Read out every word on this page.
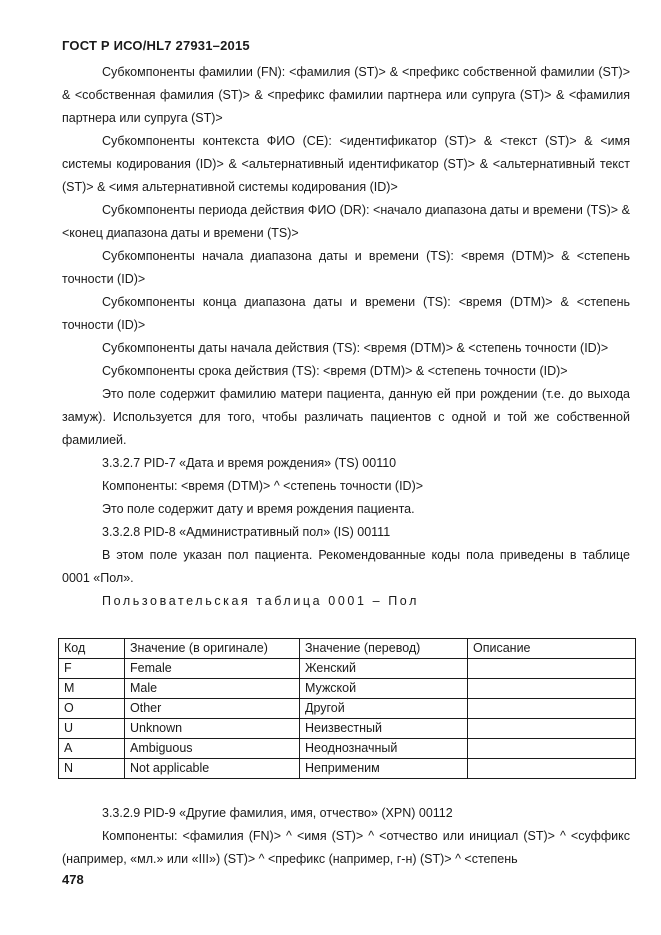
ГОСТ Р ИСО/HL7 27931–2015

Субкомпоненты фамилии (FN): <фамилия (ST)> & <префикс собственной фамилии (ST)> & <собственная фамилия (ST)> & <префикс фамилии партнера или супруга (ST)> & <фамилия партнера или супруга (ST)>

Субкомпоненты контекста ФИО (CE): <идентификатор (ST)> & <текст (ST)> & <имя системы кодирования (ID)> & <альтернативный идентификатор (ST)> & <альтернативный текст (ST)> & <имя альтернативной системы кодирования (ID)>

Субкомпоненты периода действия ФИО (DR): <начало диапазона даты и времени (TS)> & <конец диапазона даты и времени (TS)>

Субкомпоненты начала диапазона даты и времени (TS): <время (DTM)> & <степень точности (ID)>

Субкомпоненты конца диапазона даты и времени (TS): <время (DTM)> & <степень точности (ID)>

Субкомпоненты даты начала действия (TS): <время (DTM)> & <степень точности (ID)>

Субкомпоненты срока действия (TS): <время (DTM)> & <степень точности (ID)>

Это поле содержит фамилию матери пациента, данную ей при рождении (т.е. до выхода замуж). Используется для того, чтобы различать пациентов с одной и той же собственной фамилией.

3.3.2.7 PID-7 «Дата и время рождения» (TS) 00110

Компоненты: <время (DTM)> ^ <степень точности (ID)>

Это поле содержит дату и время рождения пациента.

3.3.2.8 PID-8 «Административный пол» (IS) 00111

В этом поле указан пол пациента. Рекомендованные коды пола приведены в таблице 0001 «Пол».

Пользовательская таблица 0001 – Пол

Код	Значение (в оригинале)	Значение (перевод)	Описание
F	Female	Женский	
M	Male	Мужской	
O	Other	Другой	
U	Unknown	Неизвестный	
A	Ambiguous	Неоднозначный	
N	Not applicable	Неприменим	

3.3.2.9 PID-9 «Другие фамилия, имя, отчество» (XPN) 00112

Компоненты: <фамилия (FN)> ^ <имя (ST)> ^ <отчество или инициал (ST)> ^ <суффикс (например, «мл.» или «III») (ST)> ^ <префикс (например, г-н) (ST)> ^ <степень

478
